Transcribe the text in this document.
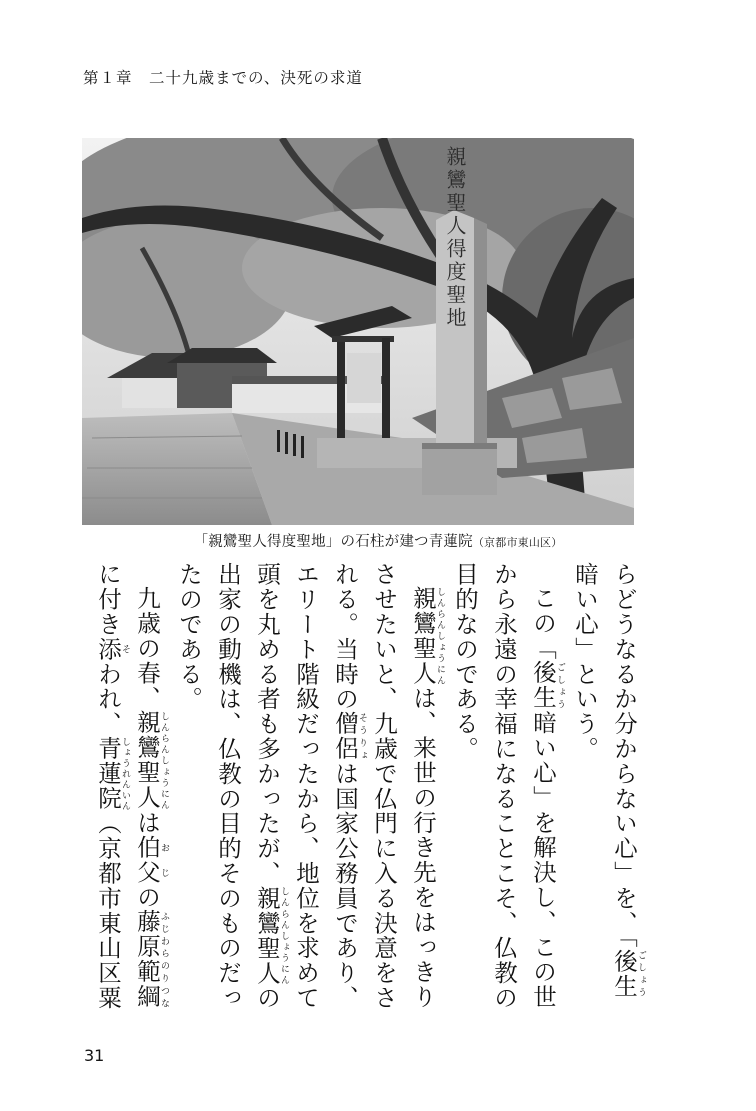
第１章　二十九歳までの、決死の求道
親鸞聖人得度聖地
「親鸞聖人得度聖地」の石柱が建つ青蓮院（京都市東山区）

らどうなるか分からない心」を、「後生ごしょう暗い心」という。

この「後生ごしょう暗い心」を解決し、この世から永遠の幸福になることこそ、仏教の目的なのである。

親鸞聖人しんらんしょうにんは、来世の行き先をはっきりさせたいと、九歳で仏門に入る決意をされる。当時の僧侶そうりょは国家公務員であり、エリート階級だったから、地位を求めて頭を丸める者も多かったが、親鸞聖人しんらんしょうにんの出家の動機は、仏教の目的そのものだったのである。

九歳の春、親鸞聖人しんらんしょうにんは伯父おじの藤原範綱ふじわらのりつなに付き添そわれ、青蓮院しょうれんいん（京都市東山区粟

31
